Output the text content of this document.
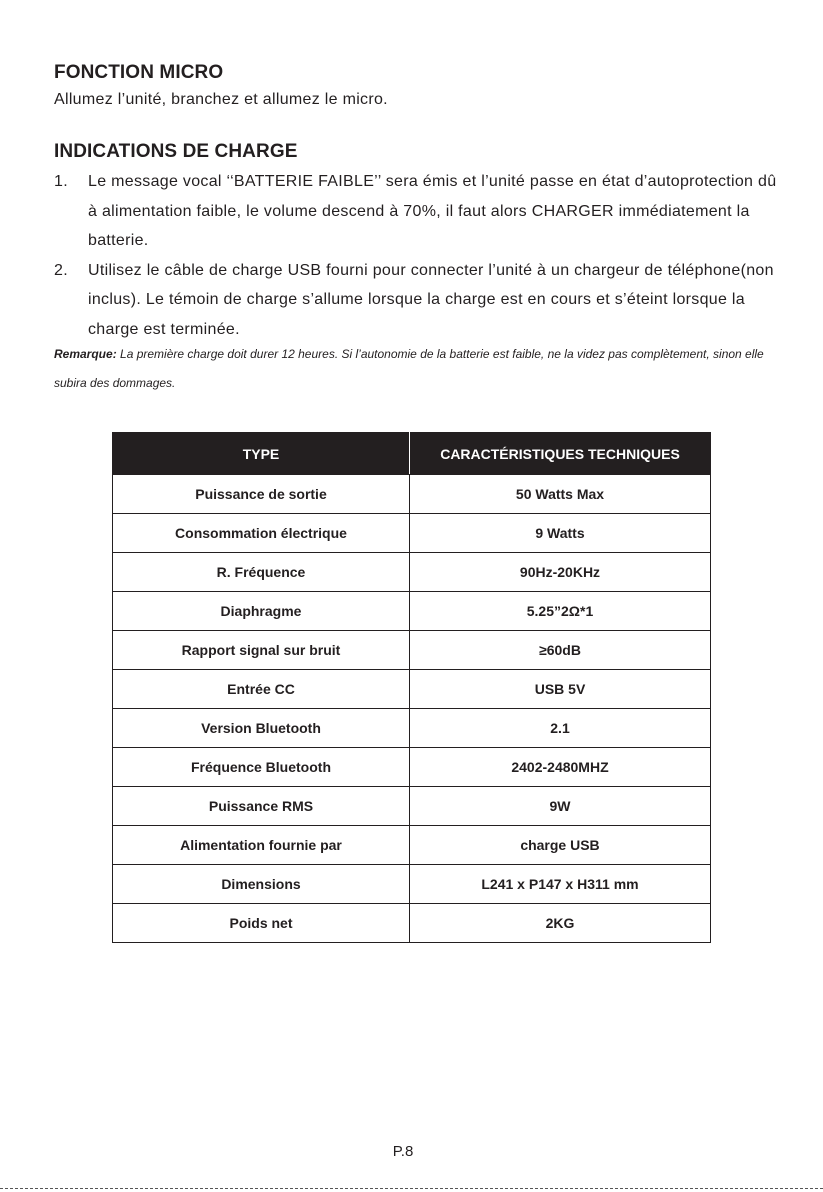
FONCTION MICRO

Allumez l’unité, branchez et allumez le micro.

INDICATIONS DE CHARGE
1. Le message vocal ‘‘BATTERIE FAIBLE’’ sera émis et l’unité passe en état d’autoprotection dû à alimentation faible, le volume descend à 70%, il faut alors CHARGER immédiatement la batterie.
2. Utilisez le câble de charge USB fourni pour connecter l’unité à un chargeur de téléphone(non inclus). Le témoin de charge s’allume lorsque la charge est en cours et s’éteint lorsque la charge est terminée.

Remarque: La première charge doit durer 12 heures. Si l’autonomie de la batterie est faible, ne la videz pas complètement, sinon elle subira des dommages.

TYPE	CARACTÉRISTIQUES TECHNIQUES
Puissance de sortie	50 Watts Max
Consommation électrique	9 Watts
R. Fréquence	90Hz-20KHz
Diaphragme	5.25”2Ω*1
Rapport signal sur bruit	≥60dB
Entrée CC	USB 5V
Version Bluetooth	2.1
Fréquence Bluetooth	2402-2480MHZ
Puissance RMS	9W
Alimentation fournie par	charge USB
Dimensions	L241 x P147 x H311 mm
Poids net	2KG

P.8
